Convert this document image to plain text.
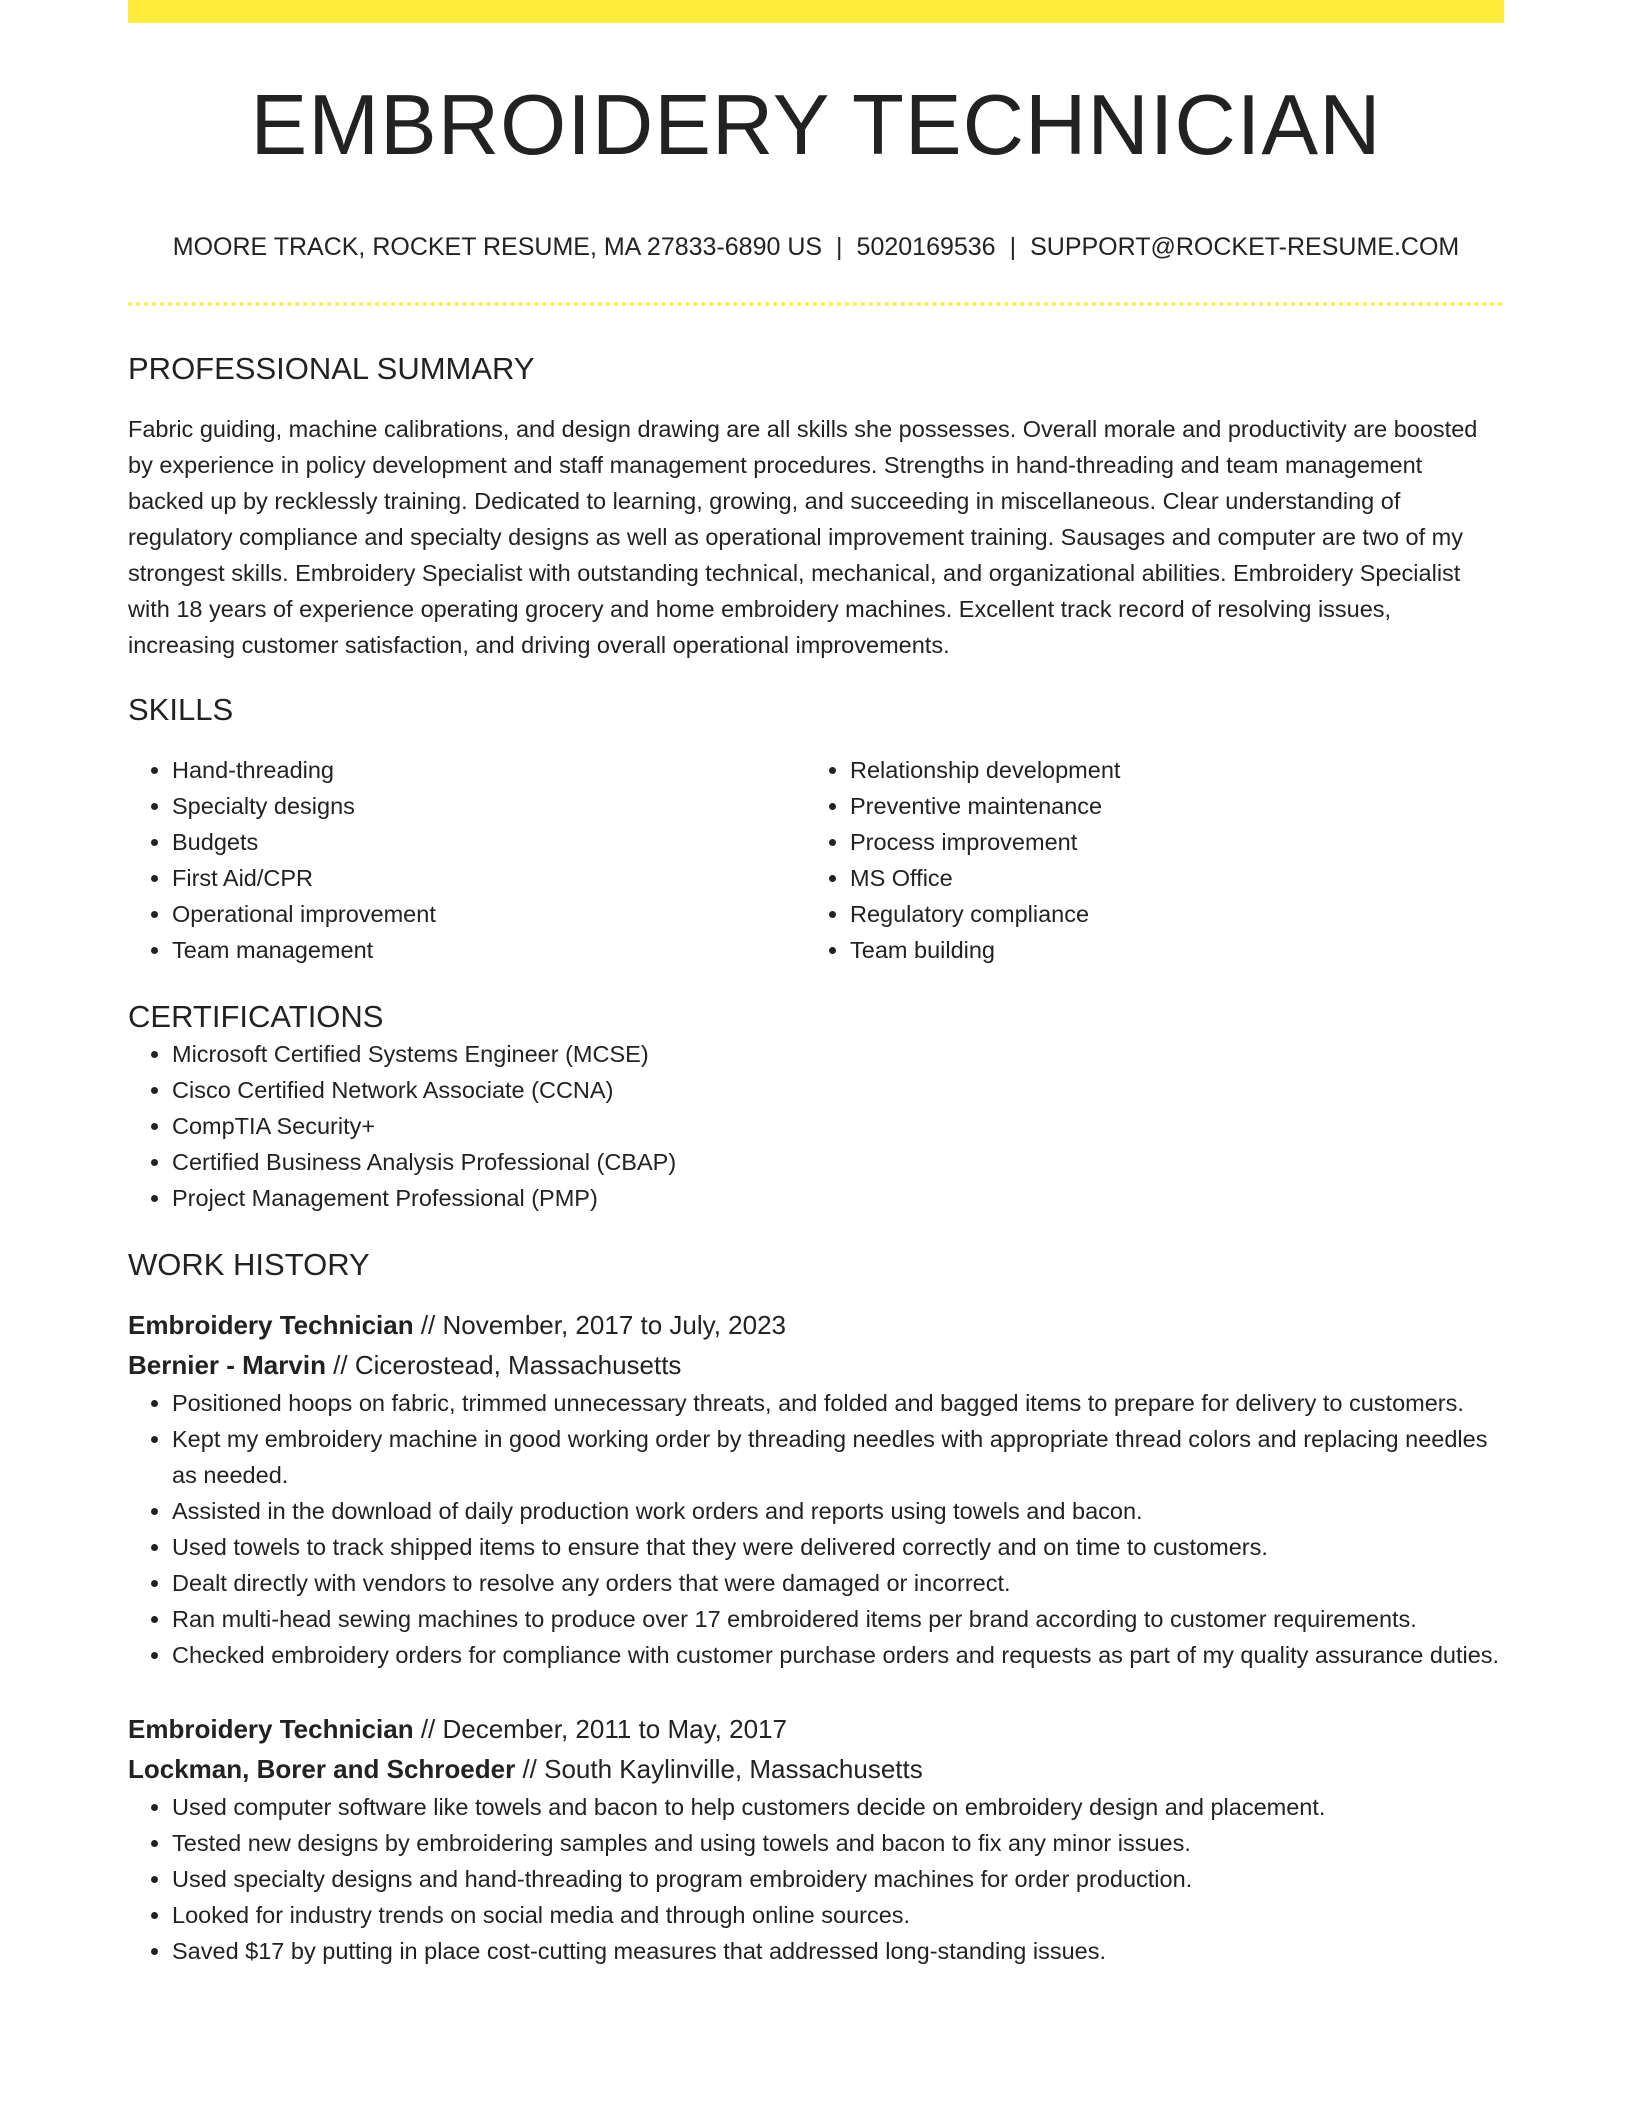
EMBROIDERY TECHNICIAN
MOORE TRACK, ROCKET RESUME, MA 27833-6890 US | 5020169536 | SUPPORT@ROCKET-RESUME.COM
PROFESSIONAL SUMMARY

Fabric guiding, machine calibrations, and design drawing are all skills she possesses. Overall morale and productivity are boosted by experience in policy development and staff management procedures. Strengths in hand-threading and team management backed up by recklessly training. Dedicated to learning, growing, and succeeding in miscellaneous. Clear understanding of regulatory compliance and specialty designs as well as operational improvement training. Sausages and computer are two of my strongest skills. Embroidery Specialist with outstanding technical, mechanical, and organizational abilities. Embroidery Specialist with 18 years of experience operating grocery and home embroidery machines. Excellent track record of resolving issues, increasing customer satisfaction, and driving overall operational improvements.

SKILLS
• Hand-threading
• Specialty designs
• Budgets
• First Aid/CPR
• Operational improvement
• Team management
• Relationship development
• Preventive maintenance
• Process improvement
• MS Office
• Regulatory compliance
• Team building
CERTIFICATIONS
• Microsoft Certified Systems Engineer (MCSE)
• Cisco Certified Network Associate (CCNA)
• CompTIA Security+
• Certified Business Analysis Professional (CBAP)
• Project Management Professional (PMP)
WORK HISTORY
Embroidery Technician // November, 2017 to July, 2023
Bernier - Marvin // Cicerostead, Massachusetts
• Positioned hoops on fabric, trimmed unnecessary threats, and folded and bagged items to prepare for delivery to customers.
• Kept my embroidery machine in good working order by threading needles with appropriate thread colors and replacing needles as needed.
• Assisted in the download of daily production work orders and reports using towels and bacon.
• Used towels to track shipped items to ensure that they were delivered correctly and on time to customers.
• Dealt directly with vendors to resolve any orders that were damaged or incorrect.
• Ran multi-head sewing machines to produce over 17 embroidered items per brand according to customer requirements.
• Checked embroidery orders for compliance with customer purchase orders and requests as part of my quality assurance duties.
Embroidery Technician // December, 2011 to May, 2017
Lockman, Borer and Schroeder // South Kaylinville, Massachusetts
• Used computer software like towels and bacon to help customers decide on embroidery design and placement.
• Tested new designs by embroidering samples and using towels and bacon to fix any minor issues.
• Used specialty designs and hand-threading to program embroidery machines for order production.
• Looked for industry trends on social media and through online sources.
• Saved $17 by putting in place cost-cutting measures that addressed long-standing issues.
